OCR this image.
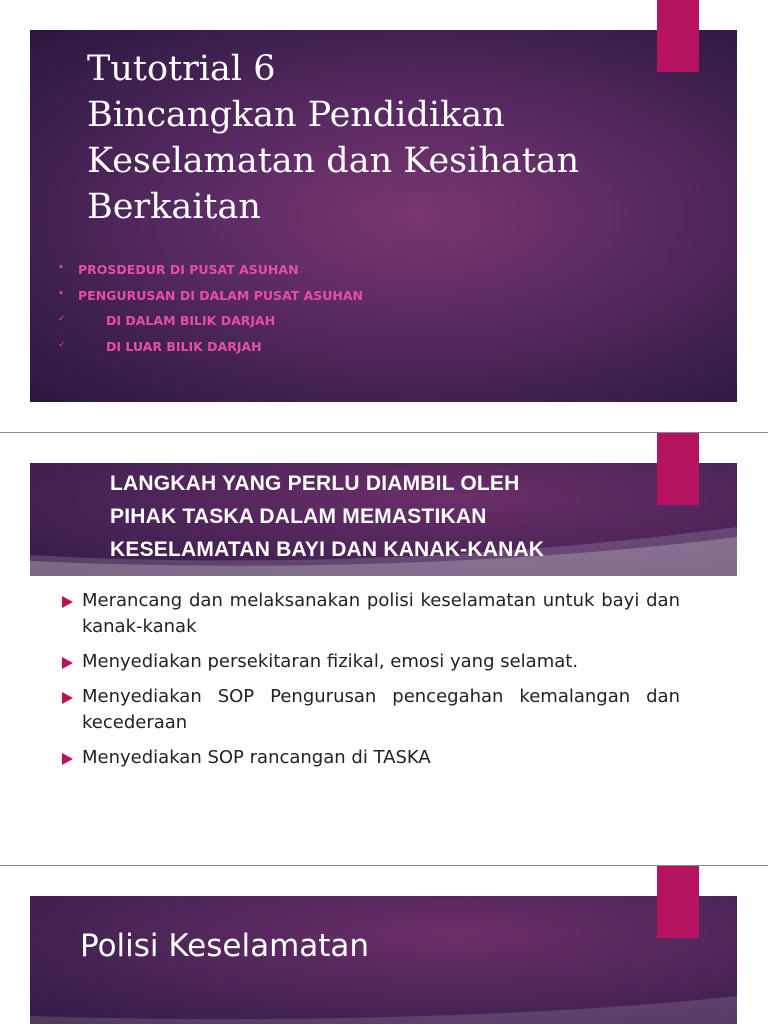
Tutotrial 6
Bincangkan Pendidikan
Keselamatan dan Kesihatan
Berkaitan
• PROSDEDUR DI PUSAT ASUHAN
• PENGURUSAN DI DALAM PUSAT ASUHAN
✓	DI DALAM BILIK DARJAH
✓	DI LUAR BILIK DARJAH
LANGKAH YANG PERLU DIAMBIL OLEH
PIHAK TASKA DALAM MEMASTIKAN
KESELAMATAN BAYI DAN KANAK-KANAK
Merancang dan melaksanakan polisi keselamatan untuk bayi dan kanak-kanak
Menyediakan persekitaran fizikal, emosi yang selamat.
Menyediakan SOP Pengurusan pencegahan kemalangan dan kecederaan
Menyediakan SOP rancangan di TASKA
Polisi Keselamatan
